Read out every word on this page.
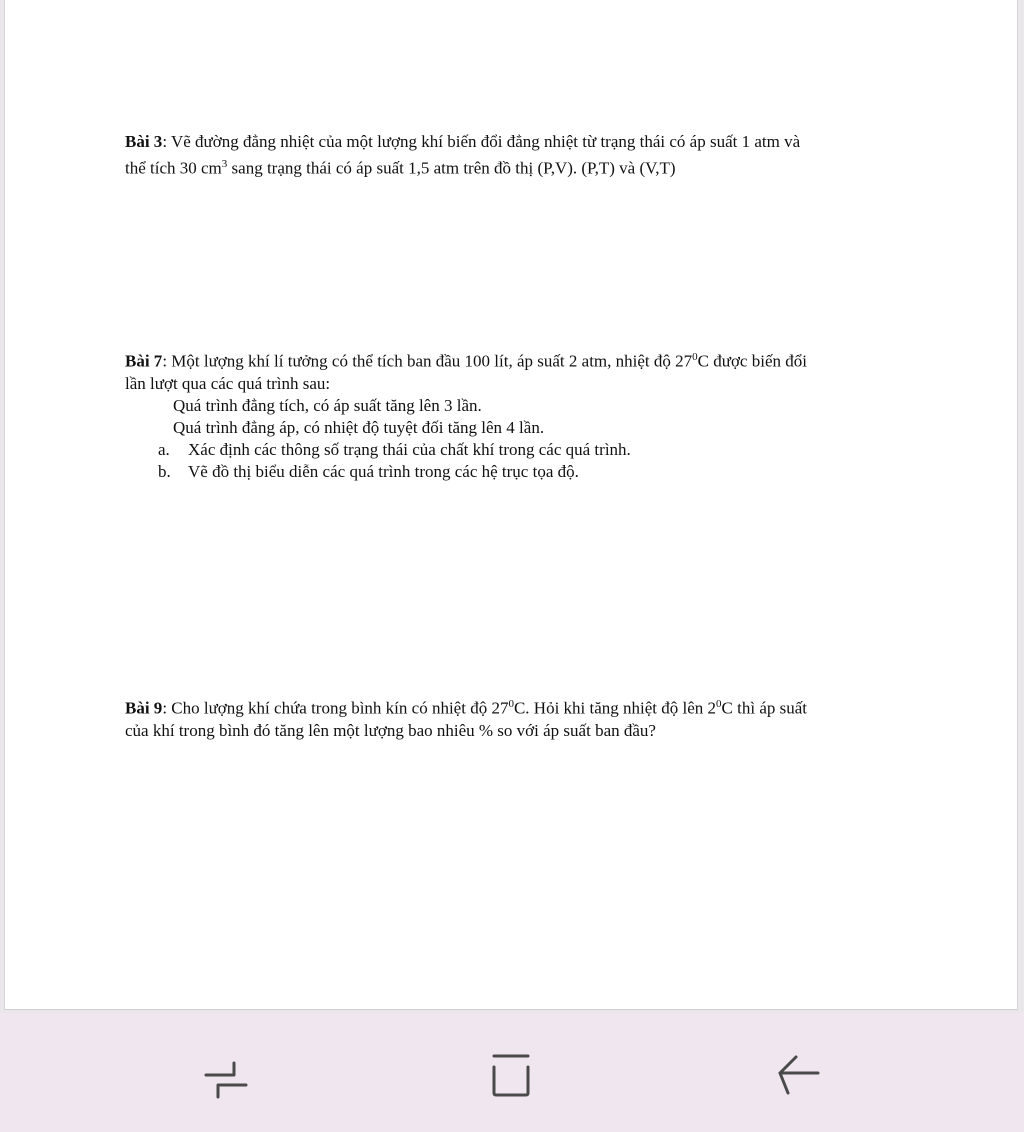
Bài 3: Vẽ đường đẳng nhiệt của một lượng khí biến đổi đẳng nhiệt từ trạng thái có áp suất 1 atm và
thể tích 30 $cm^3$ sang trạng thái có áp suất 1,5 atm trên đồ thị (P,V). (P,T) và (V,T)
Bài 7: Một lượng khí lí tưởng có thể tích ban đầu 100 lít, áp suất 2 atm, nhiệt độ $27^0C$ được biến đổi
lần lượt qua các quá trình sau:
Quá trình đẳng tích, có áp suất tăng lên 3 lần.
Quá trình đẳng áp, có nhiệt độ tuyệt đối tăng lên 4 lần.
a.	Xác định các thông số trạng thái của chất khí trong các quá trình.
b.	Vẽ đồ thị biểu diễn các quá trình trong các hệ trục tọa độ.
Bài 9: Cho lượng khí chứa trong bình kín có nhiệt độ $27^0C$. Hỏi khi tăng nhiệt độ lên $2^0C$ thì áp suất
của khí trong bình đó tăng lên một lượng bao nhiêu % so với áp suất ban đầu?
